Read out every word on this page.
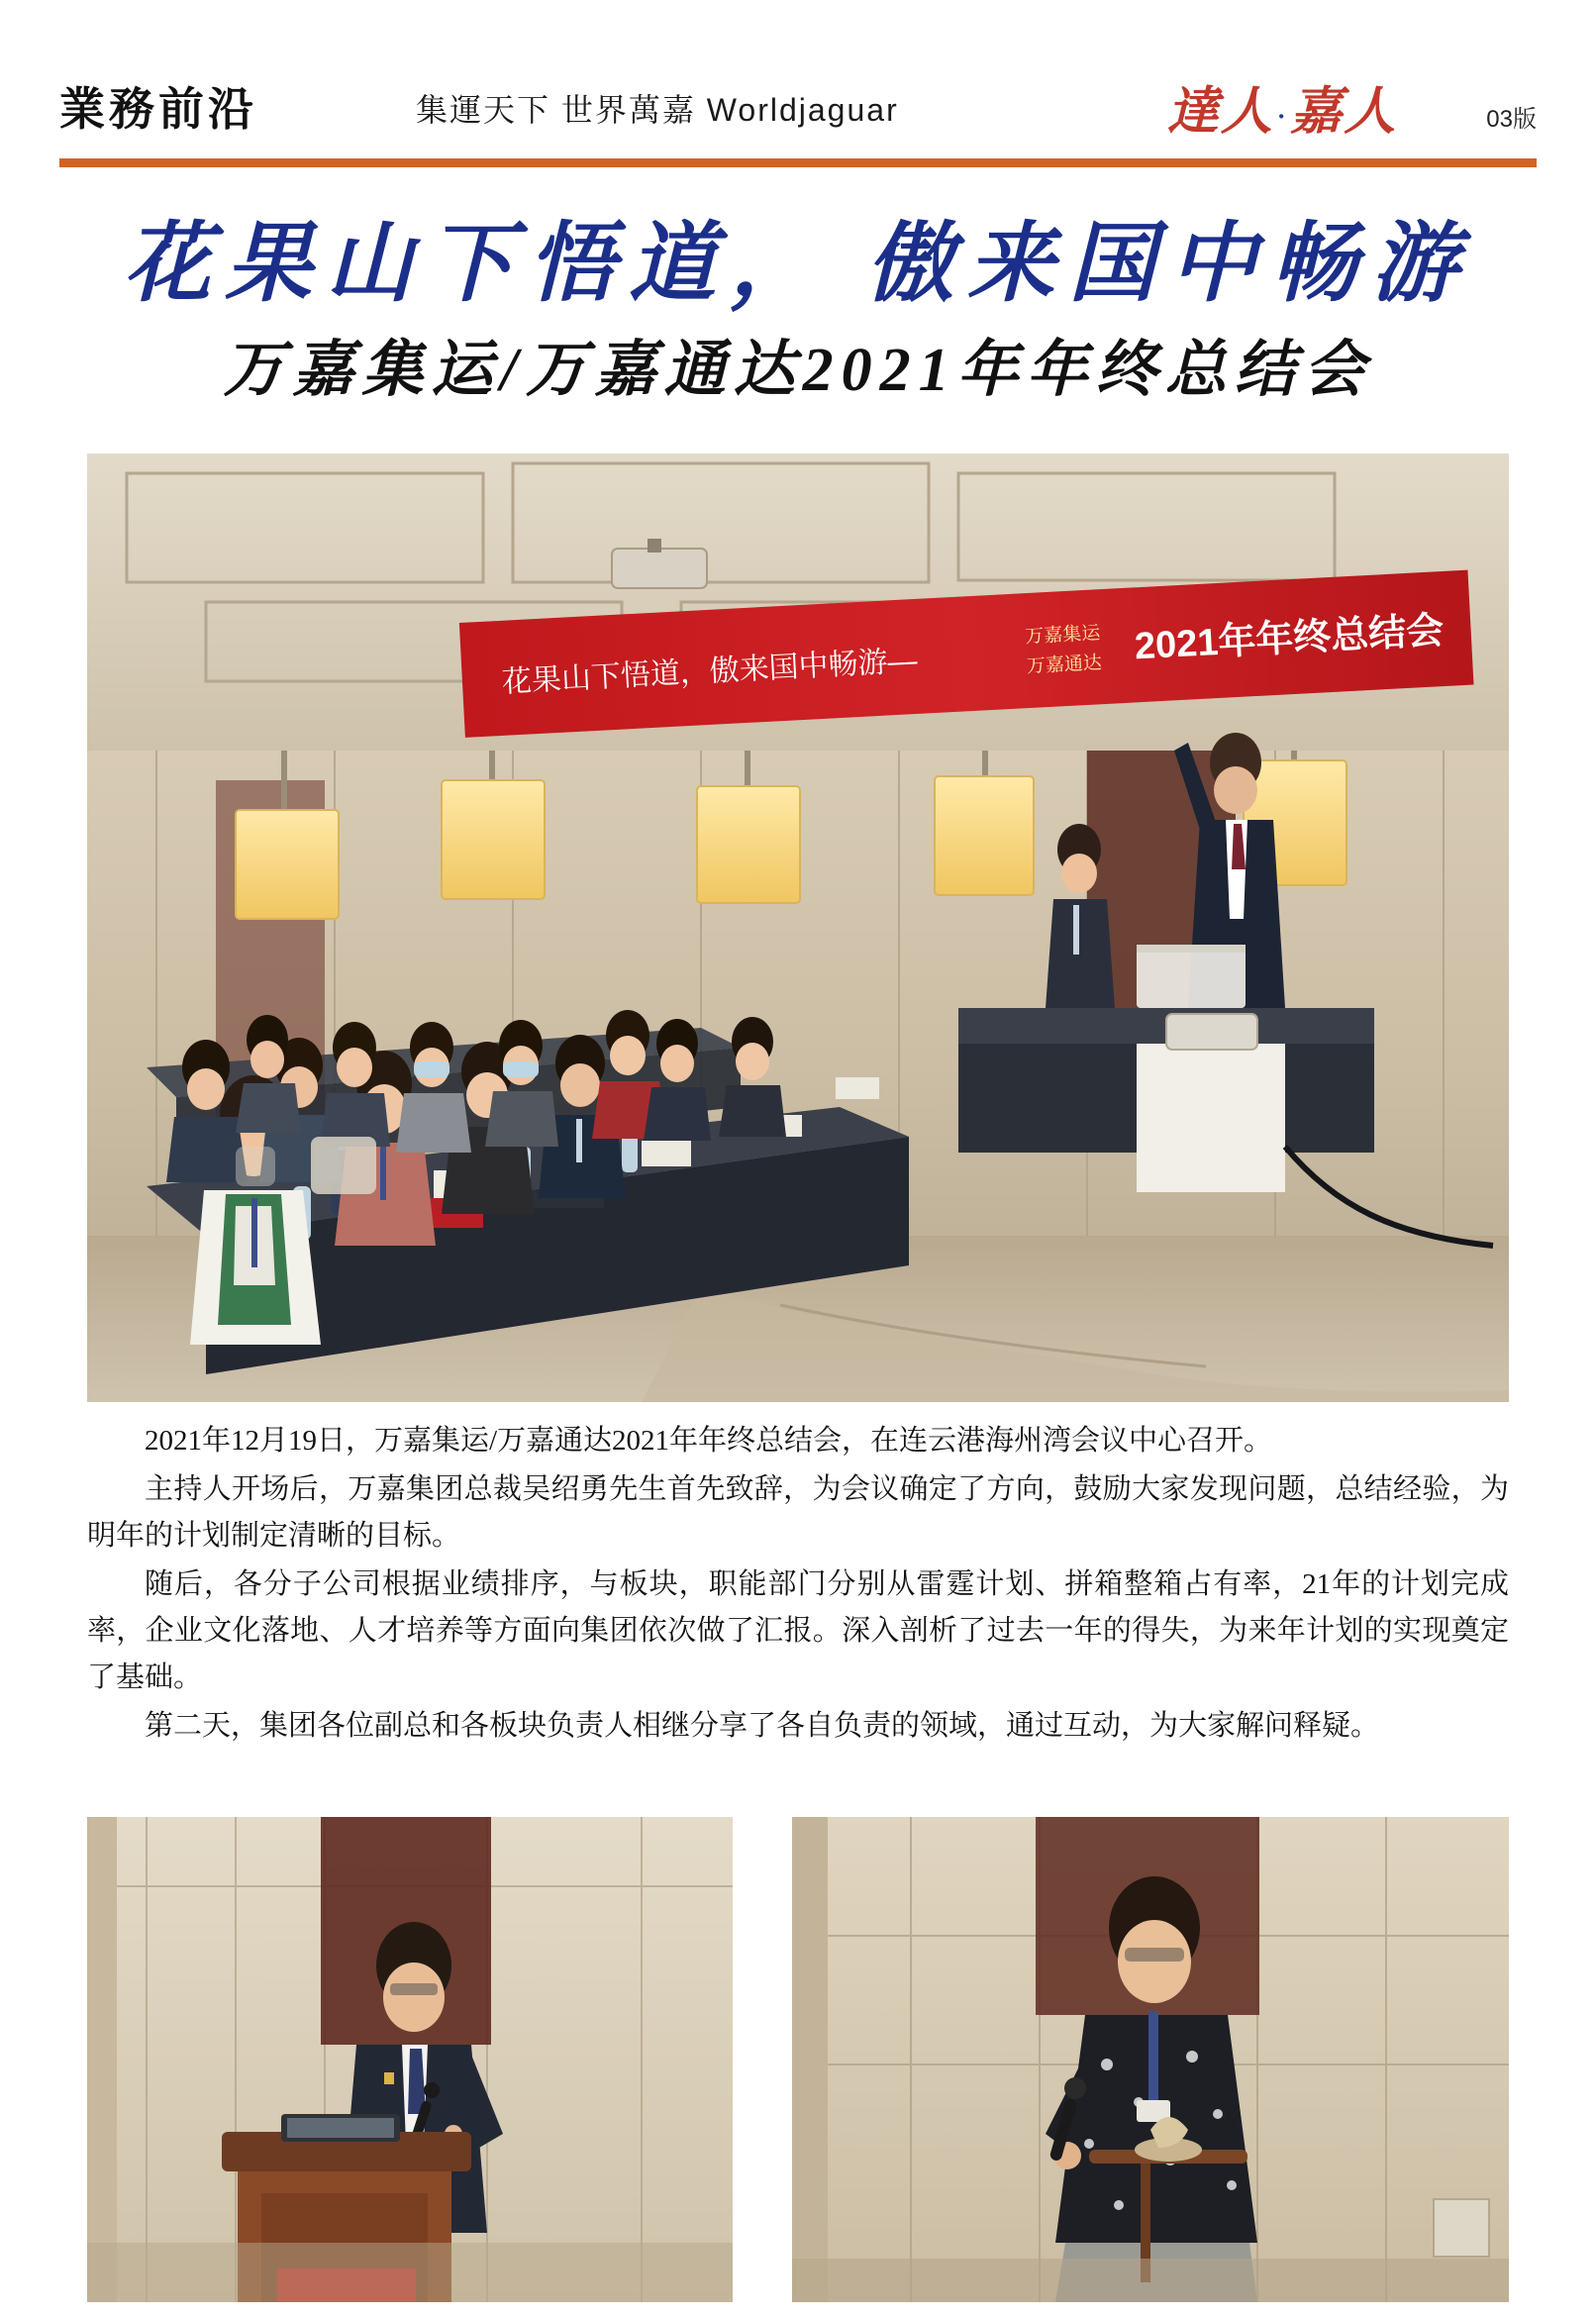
業務前沿	集運天下 世界萬嘉 Worldjaguar	達人 ·嘉人	03版
花果山下悟道， 傲来国中畅游
万嘉集运/万嘉通达2021年年终总结会
花果山下悟道，傲来国中畅游—
万嘉集运
万嘉通达 2021年年终总结会

2021年12月19日，万嘉集运/万嘉通达2021年年终总结会，在连云港海州湾会议中心召开。

主持人开场后，万嘉集团总裁吴绍勇先生首先致辞，为会议确定了方向，鼓励大家发现问题，总结经验，为明年的计划制定清晰的目标。

随后，各分子公司根据业绩排序，与板块，职能部门分别从雷霆计划、拼箱整箱占有率，21年的计划完成率，企业文化落地、人才培养等方面向集团依次做了汇报。深入剖析了过去一年的得失，为来年计划的实现奠定了基础。

第二天，集团各位副总和各板块负责人相继分享了各自负责的领域，通过互动，为大家解问释疑。
